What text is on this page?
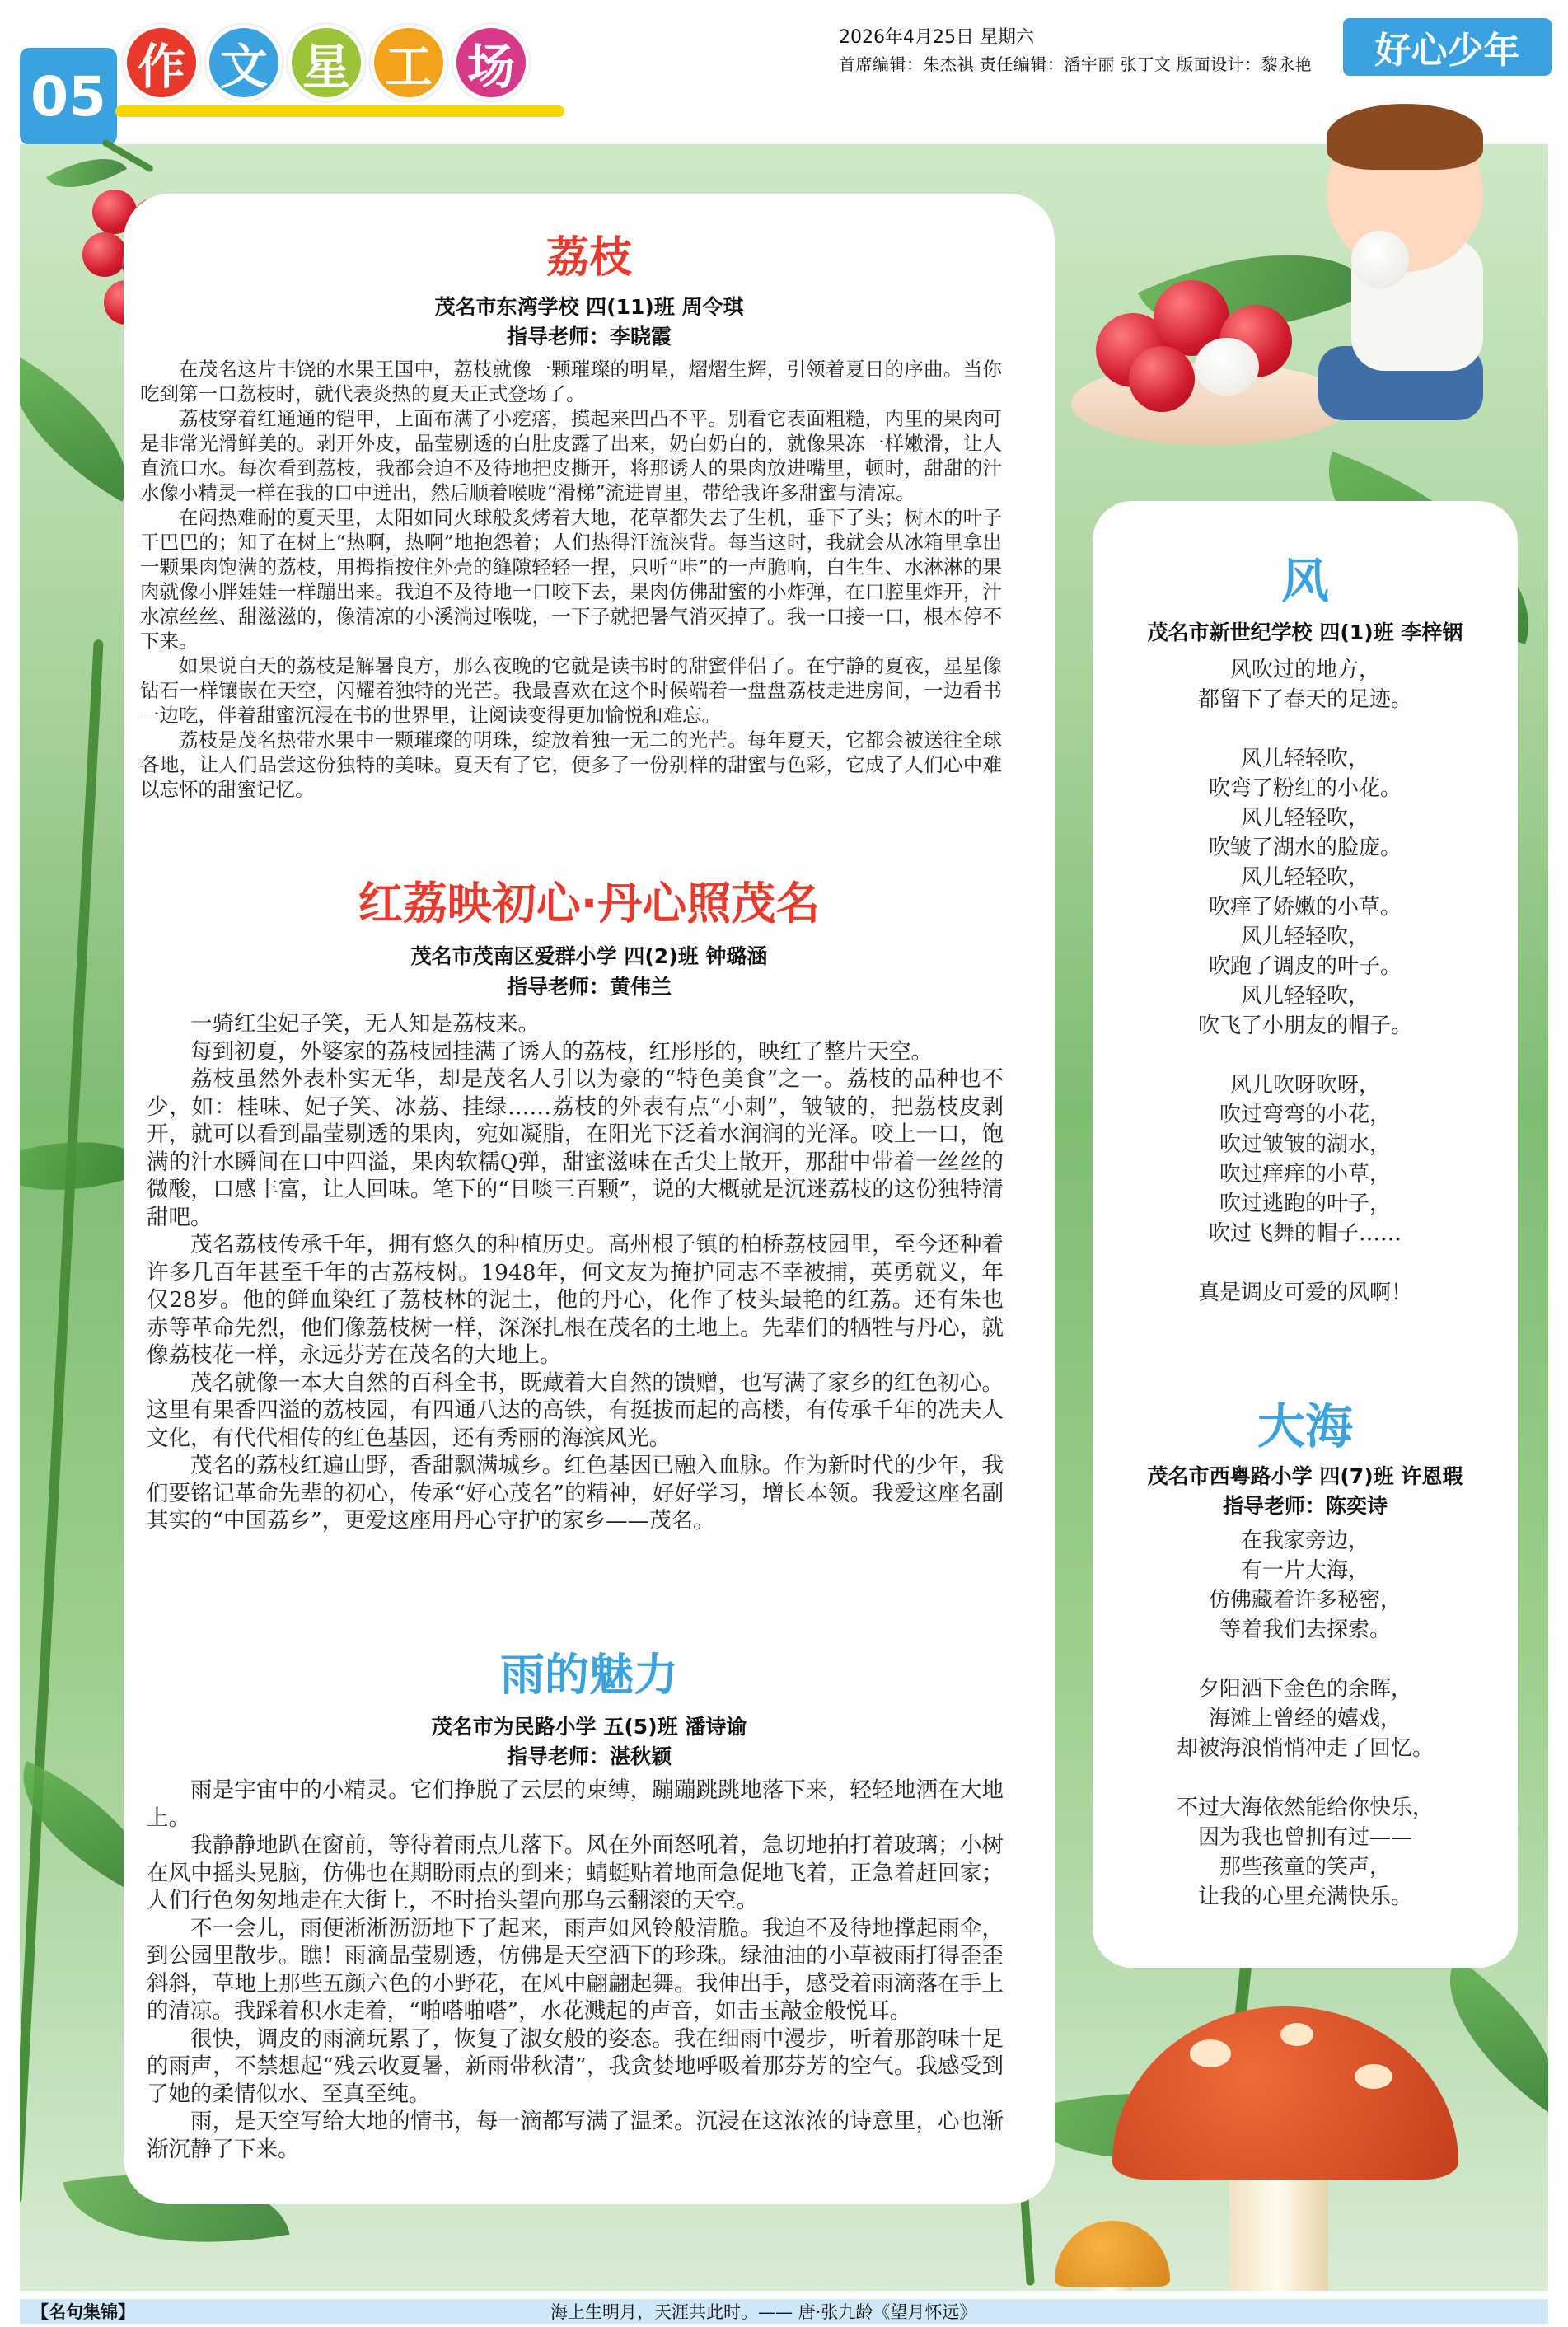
05 作 文 星 工 场
2026年4月25日 星期六
首席编辑：朱杰祺 责任编辑：潘宇丽 张丁文 版面设计：黎永艳	好心少年
荔枝
茂名市东湾学校 四(11)班 周令琪
指导老师：李晓霞

在茂名这片丰饶的水果王国中，荔枝就像一颗璀璨的明星，熠熠生辉，引领着夏日的序曲。当你吃到第一口荔枝时，就代表炎热的夏天正式登场了。

荔枝穿着红通通的铠甲，上面布满了小疙瘩，摸起来凹凸不平。别看它表面粗糙，内里的果肉可是非常光滑鲜美的。剥开外皮，晶莹剔透的白肚皮露了出来，奶白奶白的，就像果冻一样嫩滑，让人直流口水。每次看到荔枝，我都会迫不及待地把皮撕开，将那诱人的果肉放进嘴里，顿时，甜甜的汁水像小精灵一样在我的口中迸出，然后顺着喉咙“滑梯”流进胃里，带给我许多甜蜜与清凉。

在闷热难耐的夏天里，太阳如同火球般炙烤着大地，花草都失去了生机，垂下了头；树木的叶子干巴巴的；知了在树上“热啊，热啊”地抱怨着；人们热得汗流浃背。每当这时，我就会从冰箱里拿出一颗果肉饱满的荔枝，用拇指按住外壳的缝隙轻轻一捏，只听“咔”的一声脆响，白生生、水淋淋的果肉就像小胖娃娃一样蹦出来。我迫不及待地一口咬下去，果肉仿佛甜蜜的小炸弹，在口腔里炸开，汁水凉丝丝、甜滋滋的，像清凉的小溪淌过喉咙，一下子就把暑气消灭掉了。我一口接一口，根本停不下来。

如果说白天的荔枝是解暑良方，那么夜晚的它就是读书时的甜蜜伴侣了。在宁静的夏夜，星星像钻石一样镶嵌在天空，闪耀着独特的光芒。我最喜欢在这个时候端着一盘盘荔枝走进房间，一边看书一边吃，伴着甜蜜沉浸在书的世界里，让阅读变得更加愉悦和难忘。

荔枝是茂名热带水果中一颗璀璨的明珠，绽放着独一无二的光芒。每年夏天，它都会被送往全球各地，让人们品尝这份独特的美味。夏天有了它，便多了一份别样的甜蜜与色彩，它成了人们心中难以忘怀的甜蜜记忆。

红荔映初心·丹心照茂名
茂名市茂南区爱群小学 四(2)班 钟璐涵
指导老师：黄伟兰

一骑红尘妃子笑，无人知是荔枝来。

每到初夏，外婆家的荔枝园挂满了诱人的荔枝，红彤彤的，映红了整片天空。

荔枝虽然外表朴实无华，却是茂名人引以为豪的“特色美食”之一。荔枝的品种也不少，如：桂味、妃子笑、冰荔、挂绿……荔枝的外表有点“小刺”，皱皱的，把荔枝皮剥开，就可以看到晶莹剔透的果肉，宛如凝脂，在阳光下泛着水润润的光泽。咬上一口，饱满的汁水瞬间在口中四溢，果肉软糯Q弹，甜蜜滋味在舌尖上散开，那甜中带着一丝丝的微酸，口感丰富，让人回味。笔下的“日啖三百颗”，说的大概就是沉迷荔枝的这份独特清甜吧。

茂名荔枝传承千年，拥有悠久的种植历史。高州根子镇的柏桥荔枝园里，至今还种着许多几百年甚至千年的古荔枝树。1948年，何文友为掩护同志不幸被捕，英勇就义，年仅28岁。他的鲜血染红了荔枝林的泥土，他的丹心，化作了枝头最艳的红荔。还有朱也赤等革命先烈，他们像荔枝树一样，深深扎根在茂名的土地上。先辈们的牺牲与丹心，就像荔枝花一样，永远芬芳在茂名的大地上。

茂名就像一本大自然的百科全书，既藏着大自然的馈赠，也写满了家乡的红色初心。这里有果香四溢的荔枝园，有四通八达的高铁，有挺拔而起的高楼，有传承千年的冼夫人文化，有代代相传的红色基因，还有秀丽的海滨风光。

茂名的荔枝红遍山野，香甜飘满城乡。红色基因已融入血脉。作为新时代的少年，我们要铭记革命先辈的初心，传承“好心茂名”的精神，好好学习，增长本领。我爱这座名副其实的“中国荔乡”，更爱这座用丹心守护的家乡——茂名。

雨的魅力
茂名市为民路小学 五(5)班 潘诗谕
指导老师：湛秋颖

雨是宇宙中的小精灵。它们挣脱了云层的束缚，蹦蹦跳跳地落下来，轻轻地洒在大地上。

我静静地趴在窗前，等待着雨点儿落下。风在外面怒吼着，急切地拍打着玻璃；小树在风中摇头晃脑，仿佛也在期盼雨点的到来；蜻蜓贴着地面急促地飞着，正急着赶回家；人们行色匆匆地走在大街上，不时抬头望向那乌云翻滚的天空。

不一会儿，雨便淅淅沥沥地下了起来，雨声如风铃般清脆。我迫不及待地撑起雨伞，到公园里散步。瞧！雨滴晶莹剔透，仿佛是天空洒下的珍珠。绿油油的小草被雨打得歪歪斜斜，草地上那些五颜六色的小野花，在风中翩翩起舞。我伸出手，感受着雨滴落在手上的清凉。我踩着积水走着，“啪嗒啪嗒”，水花溅起的声音，如击玉敲金般悦耳。

很快，调皮的雨滴玩累了，恢复了淑女般的姿态。我在细雨中漫步，听着那韵味十足的雨声，不禁想起“残云收夏暑，新雨带秋清”，我贪婪地呼吸着那芬芳的空气。我感受到了她的柔情似水、至真至纯。

雨，是天空写给大地的情书，每一滴都写满了温柔。沉浸在这浓浓的诗意里，心也渐渐沉静了下来。

风
茂名市新世纪学校 四(1)班 李梓铟
风吹过的地方，
都留下了春天的足迹。
风儿轻轻吹，
吹弯了粉红的小花。
风儿轻轻吹，
吹皱了湖水的脸庞。
风儿轻轻吹，
吹痒了娇嫩的小草。
风儿轻轻吹，
吹跑了调皮的叶子。
风儿轻轻吹，
吹飞了小朋友的帽子。
风儿吹呀吹呀，
吹过弯弯的小花，
吹过皱皱的湖水，
吹过痒痒的小草，
吹过逃跑的叶子，
吹过飞舞的帽子……
真是调皮可爱的风啊！
大海
茂名市西粤路小学 四(7)班 许恩瑕
指导老师：陈奕诗
在我家旁边，
有一片大海，
仿佛藏着许多秘密，
等着我们去探索。
夕阳洒下金色的余晖，
海滩上曾经的嬉戏，
却被海浪悄悄冲走了回忆。
不过大海依然能给你快乐，
因为我也曾拥有过——
那些孩童的笑声，
让我的心里充满快乐。
【名句集锦】	海上生明月，天涯共此时。—— 唐·张九龄《望月怀远》
